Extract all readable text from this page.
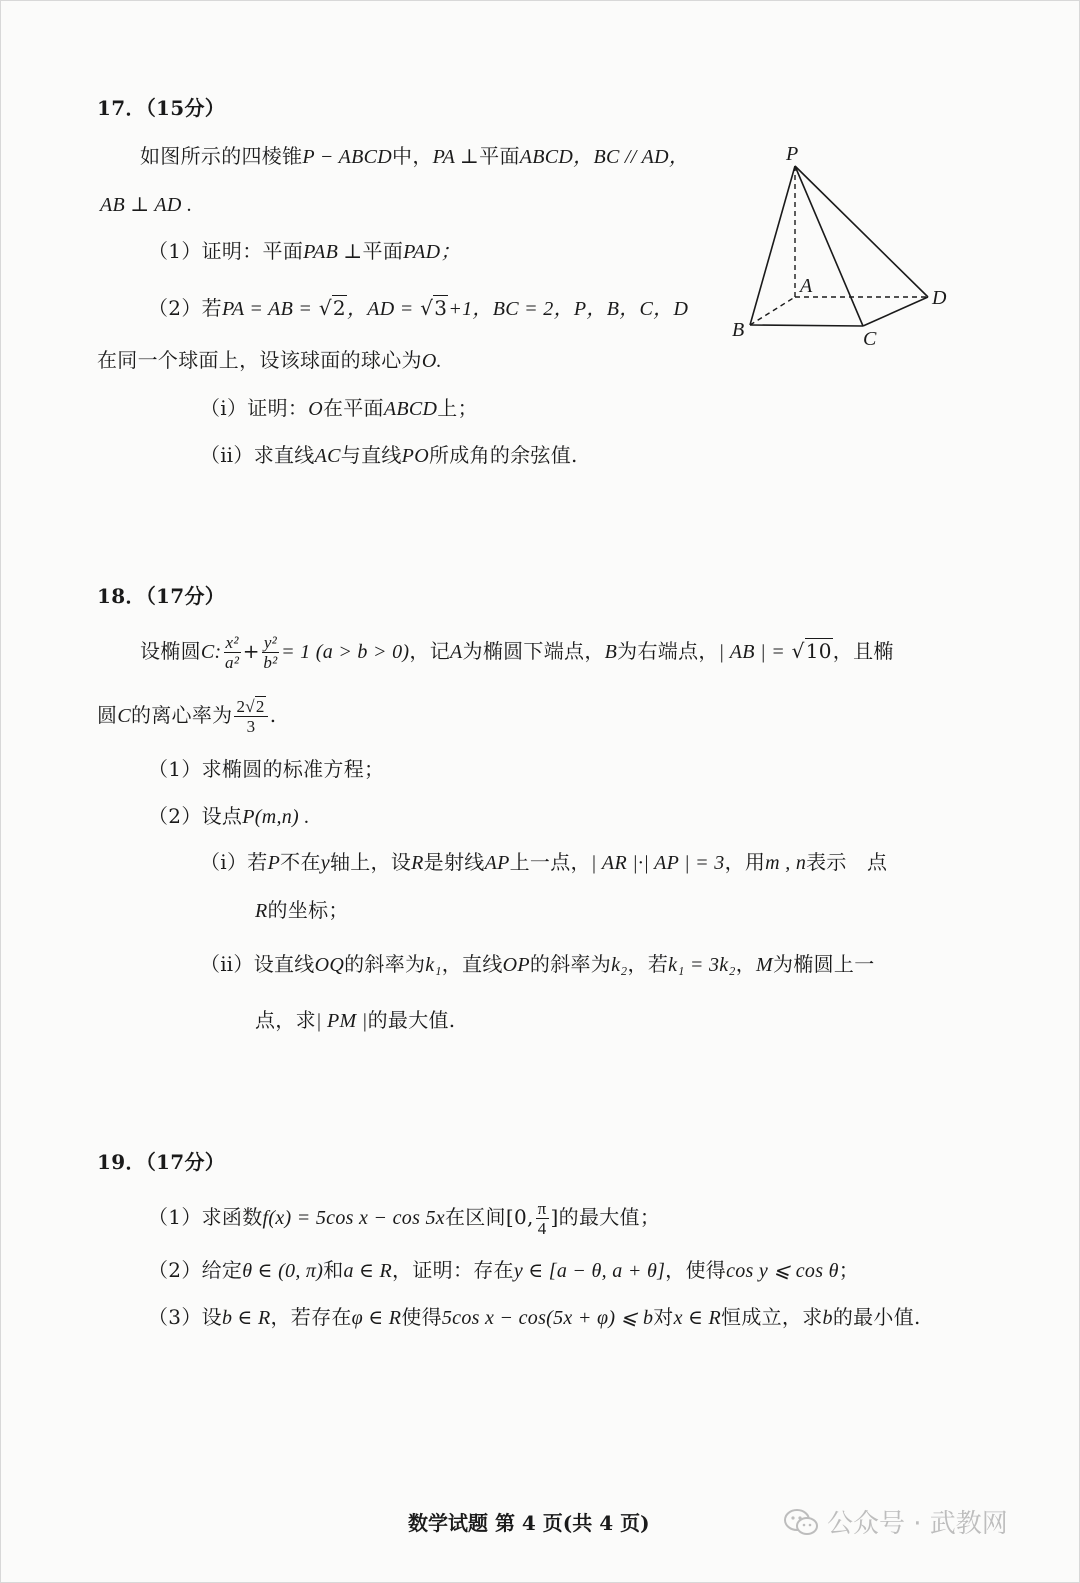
17．（15分）
如图所示的四棱锥P − ABCD中，PA ⊥平面ABCD，BC // AD，
AB ⊥ AD .
（1）证明：平面PAB ⊥平面PAD；
（2）若PA = AB = √2，AD = √3+1，BC = 2，P，B，C，D
在同一个球面上，设该球面的球心为O.
（ⅰ）证明：O在平面ABCD上；
（ⅱ）求直线AC与直线PO所成角的余弦值.
P
A
B	C
D
18．（17分）
设椭圆C: $\frac{\text{x²}}{\text{a²}} + \frac{\text{y²}}{\text{b²}} = 1$ (a > b > 0)，记A为椭圆下端点，B为右端点，| AB | = √10，且椭
圆C的离心率为 $\frac{2√2}{3}$ .
（1）求椭圆的标准方程；
（2）设点P(m,n) .
（ⅰ）若P不在y轴上，设R是射线AP上一点，| AR |·| AP | = 3，用m , n表示　点
R的坐标；
（ⅱ）设直线OQ的斜率为k₁，直线OP的斜率为k₂，若k₁ = 3k₂，M为椭圆上一
点，求| PM |的最大值.
19．（17分）
（1）求函数f(x) = 5cos x − cos 5x在区间[0, $\frac{\pi}{4}$ ]的最大值；
（2）给定θ ∈ (0, π)和a ∈ R，证明：存在y ∈ [a − θ, a + θ]，使得cos y ⩽ cos θ；
（3）设b ∈ R，若存在φ ∈ R使得5cos x − cos(5x + φ) ⩽ b对x ∈ R恒成立，求b的最小值.
数学试题 第 4 页(共 4 页)	公众号 · 武教网
